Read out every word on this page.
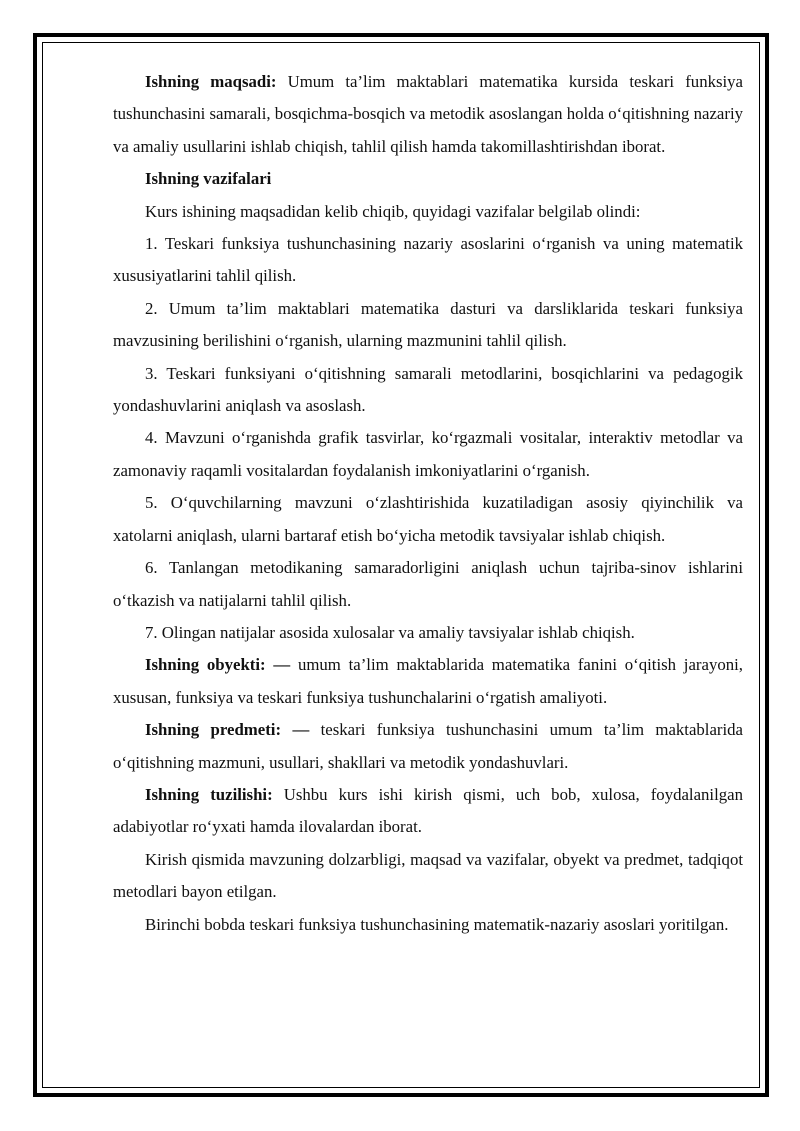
Ishning maqsadi: Umum ta’lim maktablari matematika kursida teskari funksiya tushunchasini samarali, bosqichma-bosqich va metodik asoslangan holda o‘qitishning nazariy va amaliy usullarini ishlab chiqish, tahlil qilish hamda takomillashtirishdan iborat.

Ishning vazifalari

Kurs ishining maqsadidan kelib chiqib, quyidagi vazifalar belgilab olindi:

1. Teskari funksiya tushunchasining nazariy asoslarini o‘rganish va uning matematik xususiyatlarini tahlil qilish.

2. Umum ta’lim maktablari matematika dasturi va darsliklarida teskari funksiya mavzusining berilishini o‘rganish, ularning mazmunini tahlil qilish.

3. Teskari funksiyani o‘qitishning samarali metodlarini, bosqichlarini va pedagogik yondashuvlarini aniqlash va asoslash.

4. Mavzuni o‘rganishda grafik tasvirlar, ko‘rgazmali vositalar, interaktiv metodlar va zamonaviy raqamli vositalardan foydalanish imkoniyatlarini o‘rganish.

5. O‘quvchilarning mavzuni o‘zlashtirishida kuzatiladigan asosiy qiyinchilik va xatolarni aniqlash, ularni bartaraf etish bo‘yicha metodik tavsiyalar ishlab chiqish.

6. Tanlangan metodikaning samaradorligini aniqlash uchun tajriba-sinov ishlarini o‘tkazish va natijalarni tahlil qilish.

7. Olingan natijalar asosida xulosalar va amaliy tavsiyalar ishlab chiqish.

Ishning obyekti: — umum ta’lim maktablarida matematika fanini o‘qitish jarayoni, xususan, funksiya va teskari funksiya tushunchalarini o‘rgatish amaliyoti.

Ishning predmeti: — teskari funksiya tushunchasini umum ta’lim maktablarida o‘qitishning mazmuni, usullari, shakllari va metodik yondashuvlari.

Ishning tuzilishi: Ushbu kurs ishi kirish qismi, uch bob, xulosa, foydalanilgan adabiyotlar ro‘yxati hamda ilovalardan iborat.

Kirish qismida mavzuning dolzarbligi, maqsad va vazifalar, obyekt va predmet, tadqiqot metodlari bayon etilgan.

Birinchi bobda teskari funksiya tushunchasining matematik-nazariy asoslari yoritilgan.
